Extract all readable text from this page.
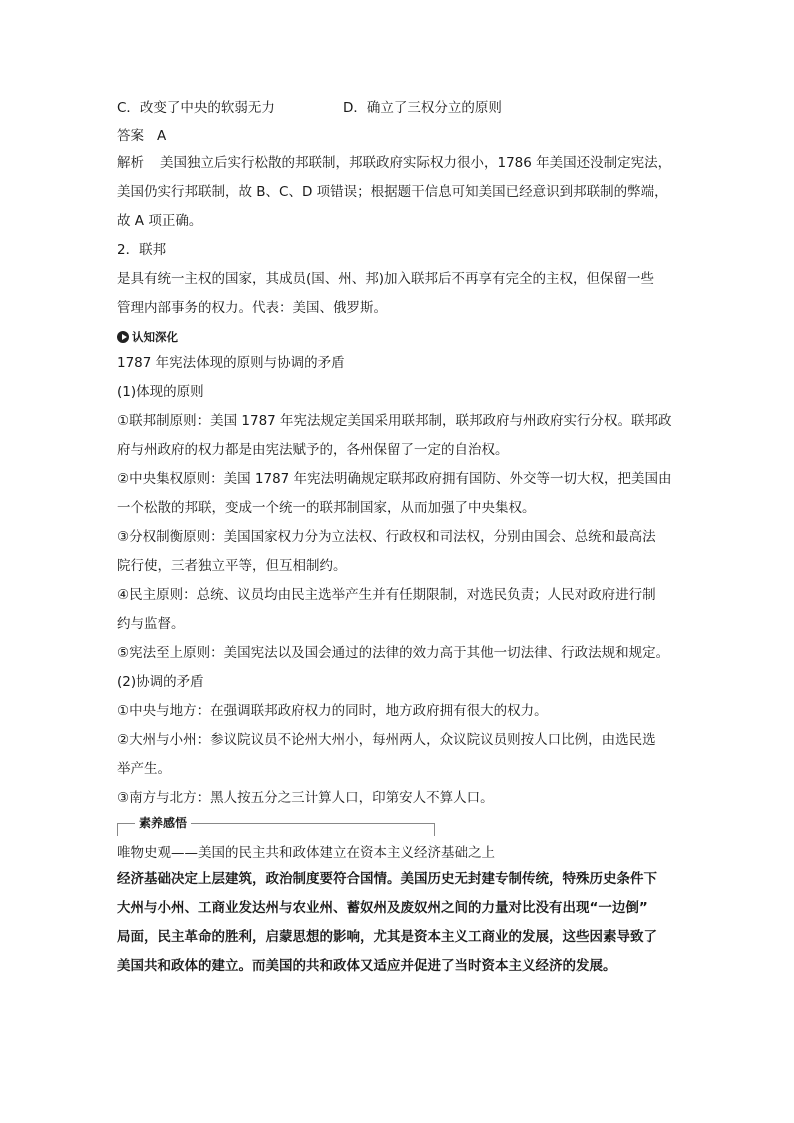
C．改变了中央的软弱无力	D．确立了三权分立的原则

答案 A

解析 美国独立后实行松散的邦联制，邦联政府实际权力很小，1786 年美国还没制定宪法，

美国仍实行邦联制，故 B、C、D 项错误；根据题干信息可知美国已经意识到邦联制的弊端，

故 A 项正确。

2．联邦

是具有统一主权的国家，其成员(国、州、邦)加入联邦后不再享有完全的主权，但保留一些

管理内部事务的权力。代表：美国、俄罗斯。

认知深化

1787 年宪法体现的原则与协调的矛盾

(1)体现的原则

①联邦制原则：美国 1787 年宪法规定美国采用联邦制，联邦政府与州政府实行分权。联邦政

府与州政府的权力都是由宪法赋予的，各州保留了一定的自治权。

②中央集权原则：美国 1787 年宪法明确规定联邦政府拥有国防、外交等一切大权，把美国由

一个松散的邦联，变成一个统一的联邦制国家，从而加强了中央集权。

③分权制衡原则：美国国家权力分为立法权、行政权和司法权，分别由国会、总统和最高法

院行使，三者独立平等，但互相制约。

④民主原则：总统、议员均由民主选举产生并有任期限制，对选民负责；人民对政府进行制

约与监督。

⑤宪法至上原则：美国宪法以及国会通过的法律的效力高于其他一切法律、行政法规和规定。

(2)协调的矛盾

①中央与地方：在强调联邦政府权力的同时，地方政府拥有很大的权力。

②大州与小州：参议院议员不论州大州小，每州两人，众议院议员则按人口比例，由选民选

举产生。

③南方与北方：黑人按五分之三计算人口，印第安人不算人口。

素养感悟

唯物史观——美国的民主共和政体建立在资本主义经济基础之上

经济基础决定上层建筑，政治制度要符合国情。美国历史无封建专制传统，特殊历史条件下

大州与小州、工商业发达州与农业州、蓄奴州及废奴州之间的力量对比没有出现“一边倒”

局面，民主革命的胜利，启蒙思想的影响，尤其是资本主义工商业的发展，这些因素导致了

美国共和政体的建立。而美国的共和政体又适应并促进了当时资本主义经济的发展。
